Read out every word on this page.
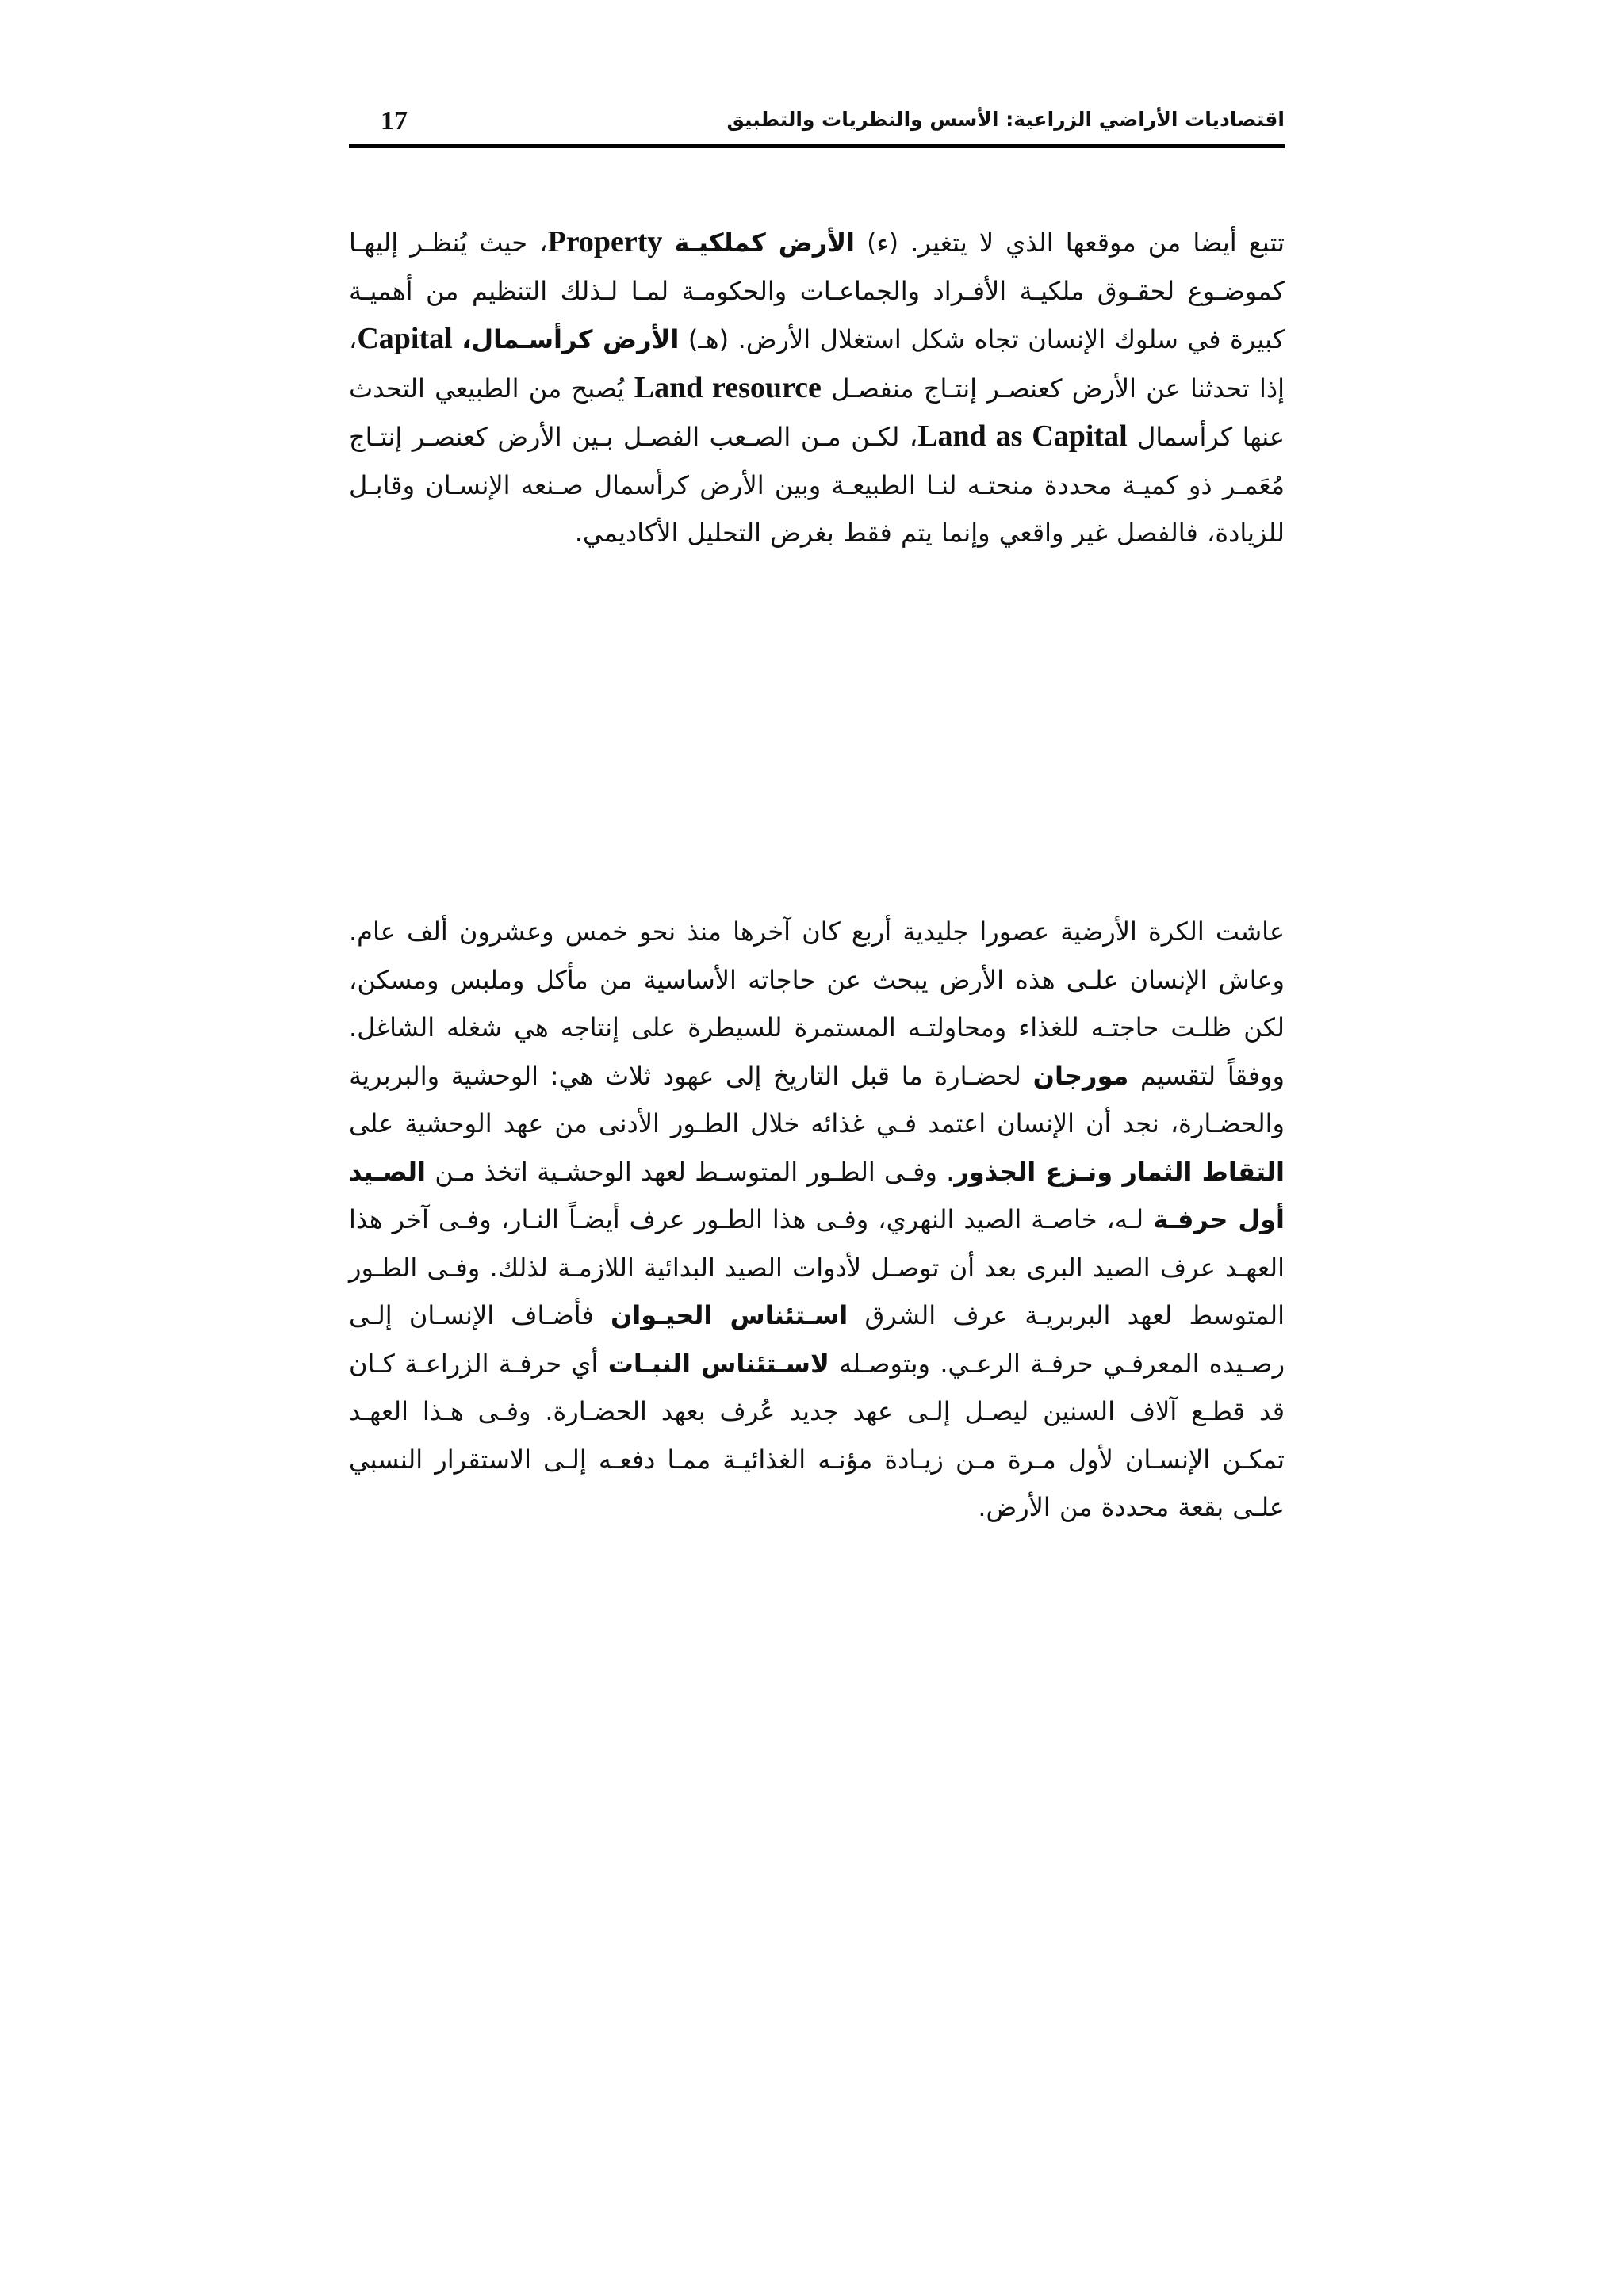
17	اقتصاديات الأراضي الزراعية: الأسس والنظريات والتطبيق

تتبع أيضا من موقعها الذي لا يتغير. (ء) الأرض كملكيـة Property، حيث يُنظـر إليهـا كموضـوع لحقـوق ملكيـة الأفـراد والجماعـات والحكومـة لمـا لـذلك التنظيم من أهميـة كبيرة في سلوك الإنسان تجاه شكل استغلال الأرض. (هـ) الأرض كرأسـمال، Capital، إذا تحدثنا عن الأرض كعنصـر إنتـاج منفصـل Land resource يُصبح من الطبيعي التحدث عنها كرأسمال Land as Capital، لكـن مـن الصـعب الفصـل بـين الأرض كعنصـر إنتـاج مُعَمـر ذو كميـة محددة منحتـه لنـا الطبيعـة وبين الأرض كرأسمال صـنعه الإنسـان وقابـل للزيادة، فالفصل غير واقعي وإنما يتم فقط بغرض التحليل الأكاديمي.

عاشت الكرة الأرضية عصورا جليدية أربع كان آخرها منذ نحو خمس وعشرون ألف عام. وعاش الإنسان علـى هذه الأرض يبحث عن حاجاته الأساسية من مأكل وملبس ومسكن، لكن ظلـت حاجتـه للغذاء ومحاولتـه المستمرة للسيطرة على إنتاجه هي شغله الشاغل. ووفقاً لتقسيم مورجان لحضـارة ما قبل التاريخ إلى عهود ثلاث هي: الوحشية والبربرية والحضـارة، نجد أن الإنسان اعتمد فـي غذائه خلال الطـور الأدنى من عهد الوحشية على التقاط الثمار ونـزع الجذور. وفـى الطـور المتوسـط لعهد الوحشـية اتخذ مـن الصـيد أول حرفـة لـه، خاصـة الصيد النهري، وفـى هذا الطـور عرف أيضـاً النـار، وفـى آخر هذا العهـد عرف الصيد البرى بعد أن توصـل لأدوات الصيد البدائية اللازمـة لذلك. وفـى الطـور المتوسط لعهد البربريـة عرف الشرق اسـتئناس الحيـوان فأضـاف الإنسـان إلـى رصـيده المعرفـي حرفـة الرعـي. وبتوصـله لاسـتئناس النبـات أي حرفـة الزراعـة كـان قد قطـع آلاف السنين ليصـل إلـى عهد جديد عُرف بعهد الحضـارة. وفـى هـذا العهـد تمكـن الإنسـان لأول مـرة مـن زيـادة مؤنـه الغذائيـة ممـا دفعـه إلـى الاستقرار النسبي علـى بقعة محددة من الأرض.
